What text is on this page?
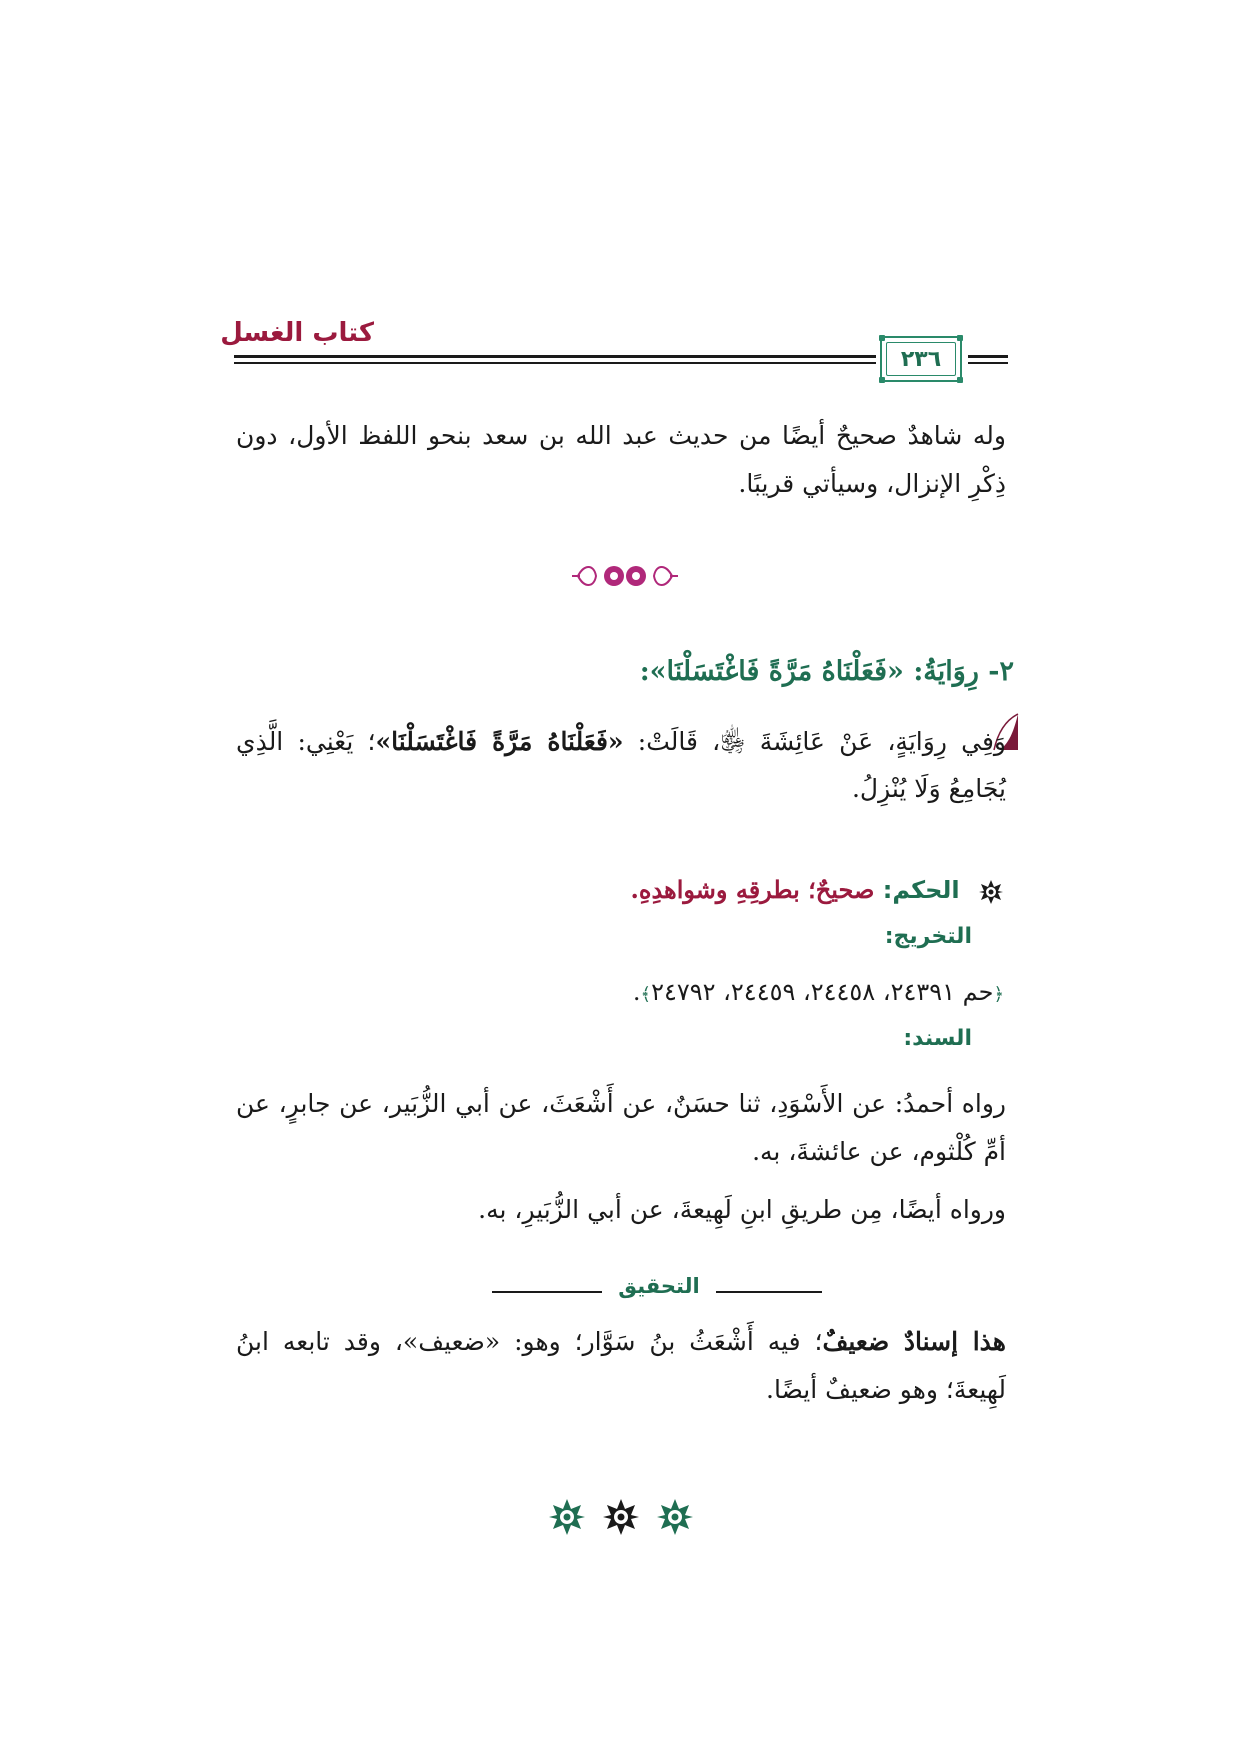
كتاب الغسل
٢٣٦
وله شاهدٌ صحيحٌ أيضًا من حديث عبد الله بن سعد بنحو اللفظ الأول، دون ذِكْرِ الإنزال، وسيأتي قريبًا.
٢- رِوَايَةُ: «فَعَلْنَاهُ مَرَّةً فَاغْتَسَلْنَا»:
وَفِي رِوَايَةٍ، عَنْ عَائِشَةَ ﵂، قَالَتْ: «فَعَلْنَاهُ مَرَّةً فَاغْتَسَلْنَا»؛ يَعْنِي: الَّذِي يُجَامِعُ وَلَا يُنْزِلُ.
الحكم: صحيحٌ؛ بطرقِهِ وشواهدِهِ.
التخريج:
﴿حم ٢٤٣٩١، ٢٤٤٥٨، ٢٤٤٥٩، ٢٤٧٩٢﴾.
السند:
رواه أحمدُ: عن الأَسْوَدِ، ثنا حسَنٌ، عن أَشْعَثَ، عن أبي الزُّبَير، عن جابرٍ، عن أمِّ كُلْثوم، عن عائشةَ، به.
ورواه أيضًا، مِن طريقِ ابنِ لَهِيعةَ، عن أبي الزُّبَيرِ، به.
التحقيق
هذا إسنادٌ ضعيفٌ؛ فيه أَشْعَثُ بنُ سَوَّار؛ وهو: «ضعيف»، وقد تابعه ابنُ لَهِيعةَ؛ وهو ضعيفٌ أيضًا.
